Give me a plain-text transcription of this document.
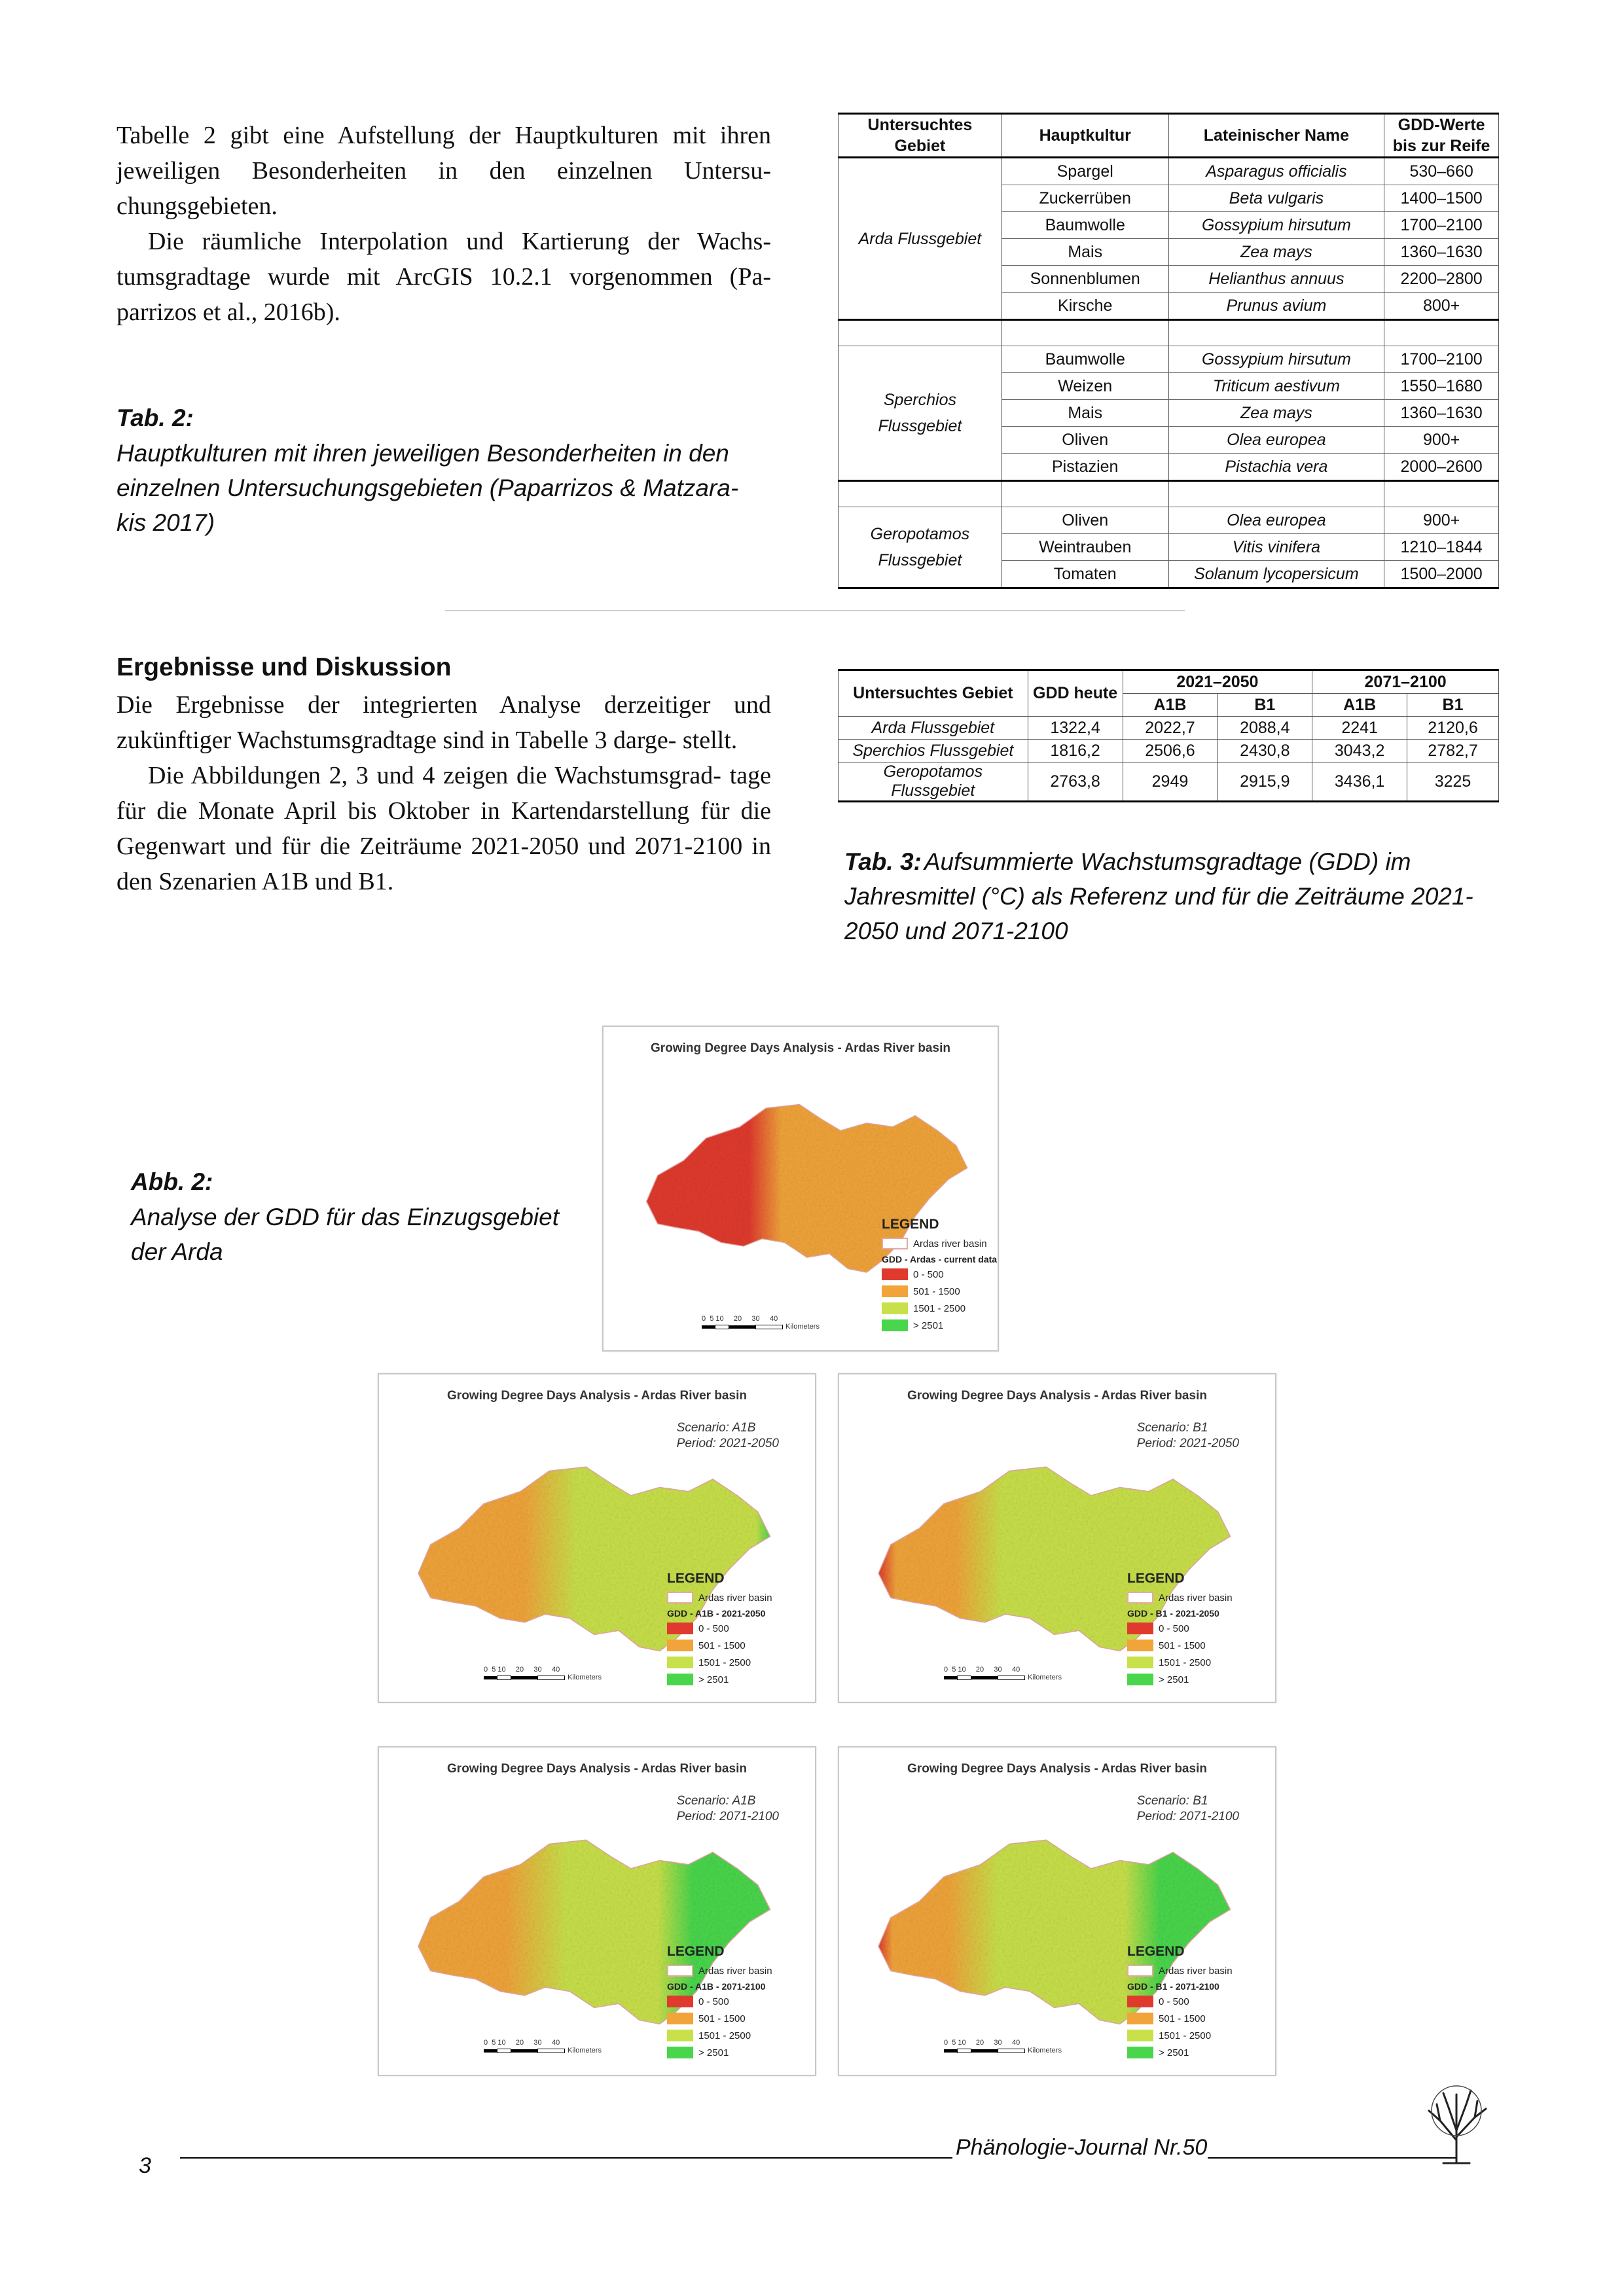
Tabelle 2 gibt eine Aufstellung der Hauptkulturen mit ihren jeweiligen Besonderheiten in den einzelnen Untersu- chungsgebieten.

Die räumliche Interpolation und Kartierung der Wachs- tumsgradtage wurde mit ArcGIS 10.2.1 vorgenommen (Pa- parrizos et al., 2016b).

Tab. 2:
Hauptkulturen mit ihren jeweiligen Besonderheiten in den einzelnen Untersuchungsgebieten (Paparrizos & Matzara- kis 2017)
Untersuchtes Gebiet	Hauptkultur	Lateinischer Name	GDD-Werte bis zur Reife
Arda Flussgebiet	Spargel	Asparagus officialis	530–660
	Zuckerrüben	Beta vulgaris	1400–1500
	Baumwolle	Gossypium hirsutum	1700–2100
	Mais	Zea mays	1360–1630
	Sonnenblumen	Helianthus annuus	2200–2800
	Kirsche	Prunus avium	800+

Sperchios Flussgebiet	Baumwolle	Gossypium hirsutum	1700–2100
	Weizen	Triticum aestivum	1550–1680
	Mais	Zea mays	1360–1630
	Oliven	Olea europea	900+
	Pistazien	Pistachia vera	2000–2600

Geropotamos Flussgebiet	Oliven	Olea europea	900+
	Weintrauben	Vitis vinifera	1210–1844
	Tomaten	Solanum lycopersicum	1500–2000
Ergebnisse und Diskussion

Die Ergebnisse der integrierten Analyse derzeitiger und zukünftiger Wachstumsgradtage sind in Tabelle 3 darge- stellt.

Die Abbildungen 2, 3 und 4 zeigen die Wachstumsgrad- tage für die Monate April bis Oktober in Kartendarstellung für die Gegenwart und für die Zeiträume 2021-2050 und 2071-2100 in den Szenarien A1B und B1.

Untersuchtes Gebiet	GDD heute	2021–2050		2071–2100	
		A1B	B1	A1B	B1
Arda Flussgebiet	1322,4	2022,7	2088,4	2241	2120,6
Sperchios Flussgebiet	1816,2	2506,6	2430,8	3043,2	2782,7
Geropotamos Flussgebiet	2763,8	2949	2915,9	3436,1	3225
Tab. 3: Aufsummierte Wachstumsgradtage (GDD) im Jahresmittel (°C) als Referenz und für die Zeiträume 2021-2050 und 2071-2100
Abb. 2:
Analyse der GDD für das Einzugsgebiet der Arda
Growing Degree Days Analysis - Ardas River basin
LEGEND
Ardas river basin
GDD - Ardas - current data
0 - 500
501 - 1500
1501 - 2500
> 2501
0  5 10     20     30     40
Kilometers
Growing Degree Days Analysis - Ardas River basin
Scenario: A1B
Period: 2021-2050
LEGEND
Ardas river basin
GDD - A1B - 2021-2050
0 - 500
501 - 1500
1501 - 2500
> 2501
0  5 10     20     30     40
Kilometers
Growing Degree Days Analysis - Ardas River basin
Scenario: B1
Period: 2021-2050
LEGEND
Ardas river basin
GDD - B1 - 2021-2050
0 - 500
501 - 1500
1501 - 2500
> 2501
0  5 10     20     30     40
Kilometers
Growing Degree Days Analysis - Ardas River basin
Scenario: A1B
Period: 2071-2100
LEGEND
Ardas river basin
GDD - A1B - 2071-2100
0 - 500
501 - 1500
1501 - 2500
> 2501
0  5 10     20     30     40
Kilometers
Growing Degree Days Analysis - Ardas River basin
Scenario: B1
Period: 2071-2100
LEGEND
Ardas river basin
GDD - B1 - 2071-2100
0 - 500
501 - 1500
1501 - 2500
> 2501
0  5 10     20     30     40
Kilometers
Phänologie-Journal Nr.50
3
